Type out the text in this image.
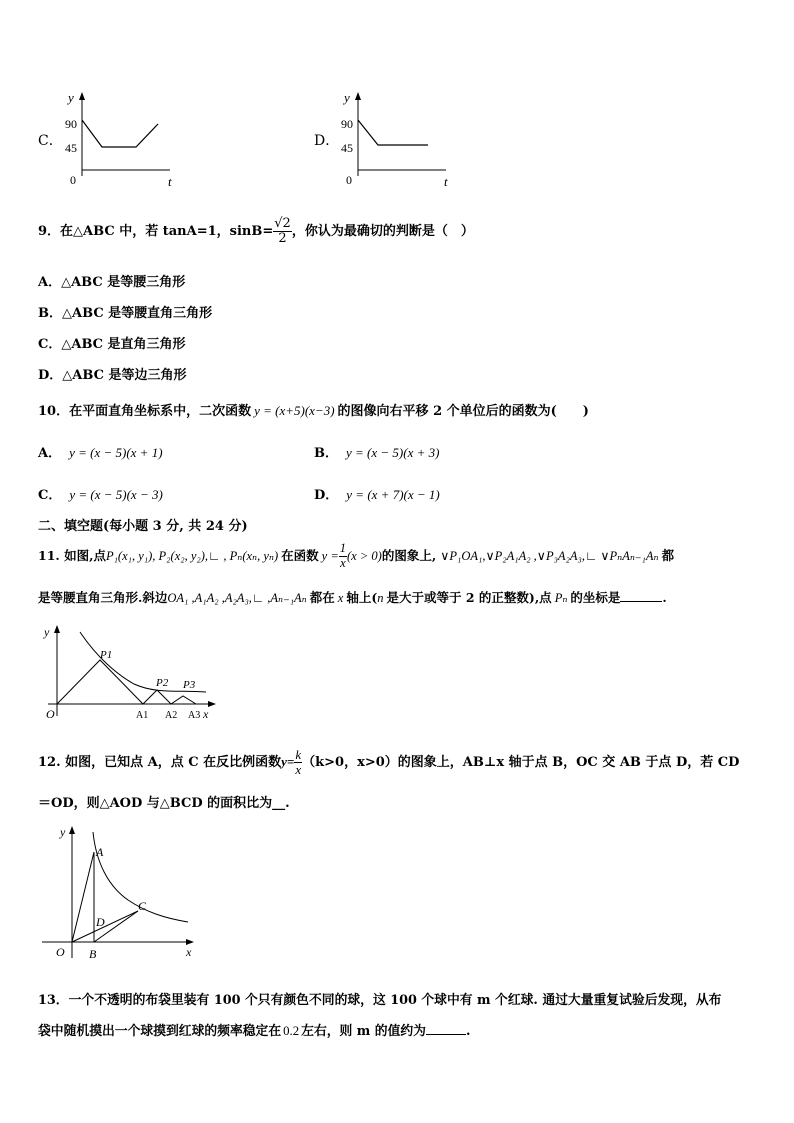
C．
y
t
90
45
0
D．
y
t
90
45
0
9．在△ABC 中，若 tanA=1，$\sin B= \frac{√2}{2}$ ，你认为最确切的判断是（　）
A．△ABC 是等腰三角形
B．△ABC 是等腰直角三角形
C．△ABC 是直角三角形
D．△ABC 是等边三角形
10．在平面直角坐标系中，二次函数 y = (x+5)(x−3) 的图像向右平移 2 个单位后的函数为(　　)
A． y = (x − 5)(x + 1)	B． y = (x − 5)(x + 3)
C． y = (x − 5)(x − 3)	D． y = (x + 7)(x − 1)
二、填空题(每小题 3 分, 共 24 分)
11. 如图,点P₁(x₁, y₁), P₂(x₂, y₂),∟ , Pₙ(xₙ, yₙ) 在函数 $y = \frac{1}{x} (x > 0)$的图象上, ∨P₁OA₁,∨P₂A₁A₂ ,∨P₃A₂A₃,∟ ∨PₙAₙ₋₁Aₙ 都
是等腰直角三角形.斜边OA₁ ,A₁A₂ ,A₂A₃,∟ ,Aₙ₋₁Aₙ 都在 x 轴上(n 是大于或等于 2 的正整数),点 Pₙ 的坐标是	.
y
x
O
P1
P2 P3
A1 A2 A3
12. 如图，已知点 A，点 C 在反比例函数$y= \frac{k}{x} (k>0$，x>0）的图象上，AB⊥x 轴于点 B，OC 交 AB 于点 D，若 CD
＝OD，则△AOD 与△BCD 的面积比为__.
y
x
O
A
B
C
D
13．一个不透明的布袋里装有 100 个只有颜色不同的球，这 100 个球中有 m 个红球. 通过大量重复试验后发现，从布
袋中随机摸出一个球摸到红球的频率稳定在 0.2 左右，则 m 的值约为	.
